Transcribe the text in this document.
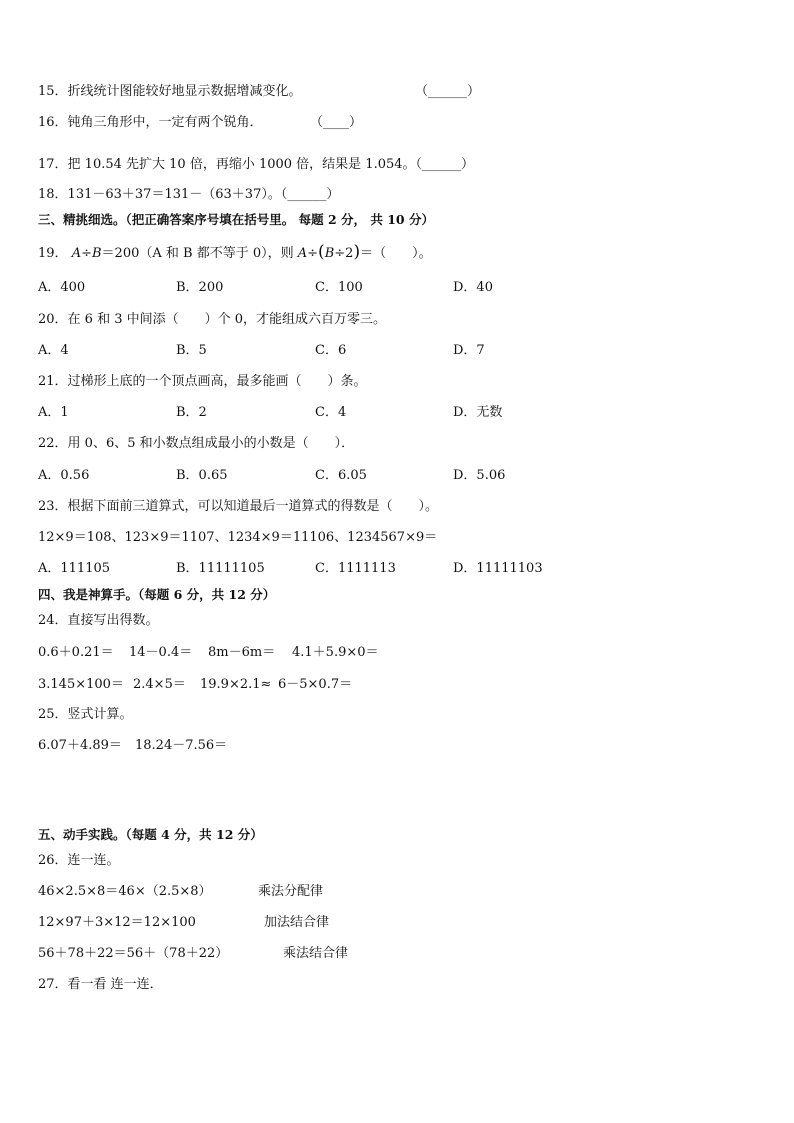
15．折线统计图能较好地显示数据增减变化。	（______）
16．钝角三角形中，一定有两个锐角．	（____）
17．把 10.54 先扩大 10 倍，再缩小 1000 倍，结果是 1.054。（______）
18．131－63＋37＝131－（63＋37）。（______）
三、精挑细选。（把正确答案序号填在括号里。 每题 2 分， 共 10 分）
19． A÷B＝200（A 和 B 都不等于 0），则 A÷(B÷2)＝（　　）。
A．400	B．200	C．100	D．40
20．在 6 和 3 中间添（　　）个 0，才能组成六百万零三。
A．4	B．5	C．6	D．7
21．过梯形上底的一个顶点画高，最多能画（　　）条。
A．1	B．2	C．4	D．无数
22．用 0、6、5 和小数点组成最小的小数是（　　）．
A．0.56	B．0.65	C．6.05	D．5.06
23．根据下面前三道算式，可以知道最后一道算式的得数是（　　）。
12×9＝108、123×9＝1107、1234×9＝11106、1234567×9＝
A．111105	B．11111105	C．1111113	D．11111103
四、我是神算手。（每题 6 分，共 12 分）
24．直接写出得数。
0.6＋0.21＝ 14－0.4＝ 8m－6m＝ 4.1＋5.9×0＝
3.145×100＝ 2.4×5＝ 19.9×2.1≈ 6－5×0.7＝
25．竖式计算。
6.07＋4.89＝ 18.24－7.56＝
五、动手实践。（每题 4 分，共 12 分）
26．连一连。
46×2.5×8＝46×（2.5×8）	乘法分配律
12×97＋3×12＝12×100	加法结合律
56＋78＋22＝56＋（78＋22）	乘法结合律
27．看一看 连一连．
